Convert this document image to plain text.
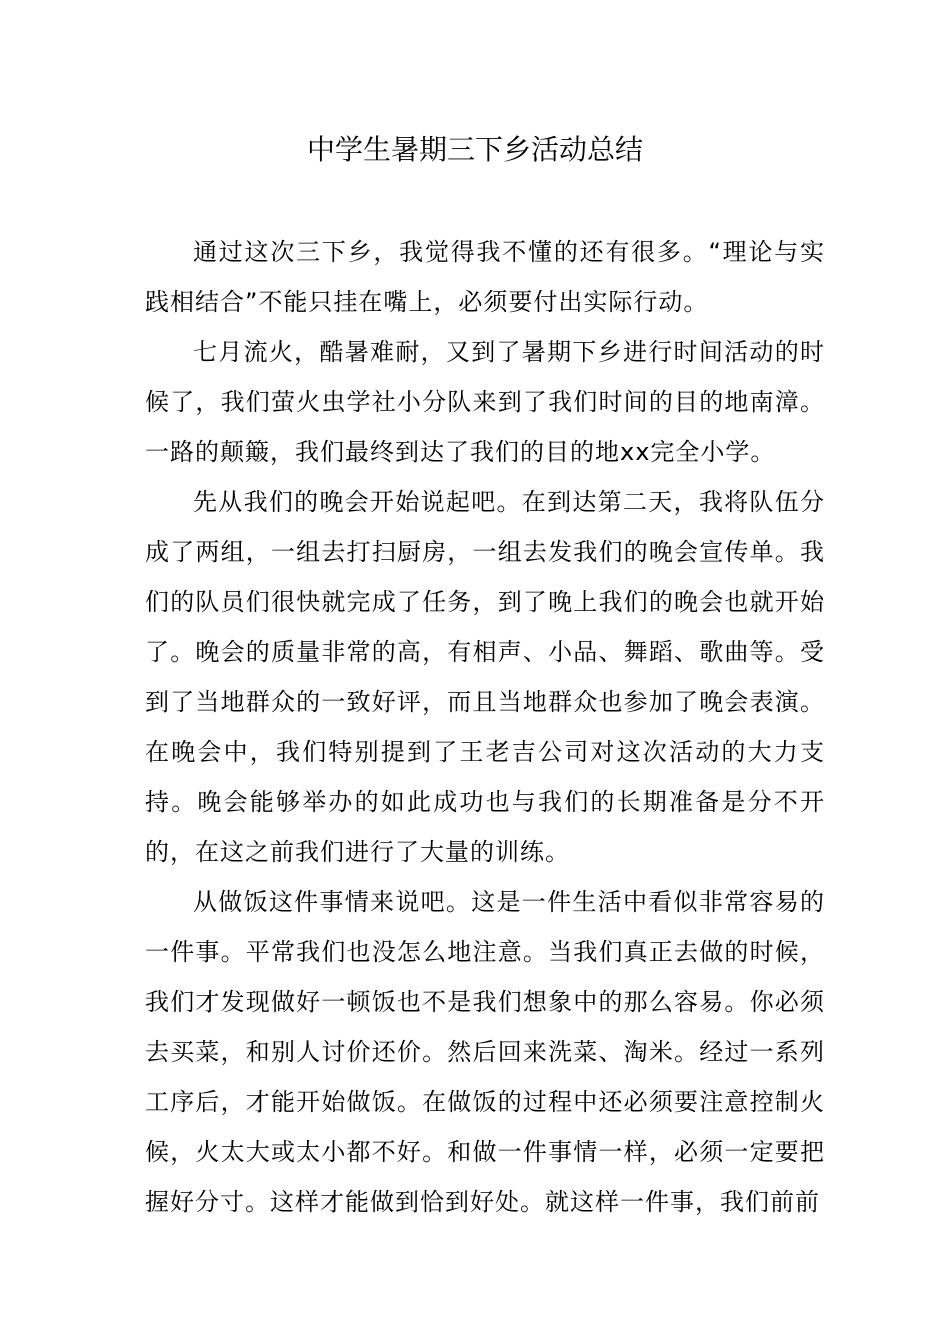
中学生暑期三下乡活动总结

通过这次三下乡，我觉得我不懂的还有很多。“理论与实践相结合”不能只挂在嘴上，必须要付出实际行动。

七月流火，酷暑难耐，又到了暑期下乡进行时间活动的时候了，我们萤火虫学社小分队来到了我们时间的目的地南漳。一路的颠簸，我们最终到达了我们的目的地xx完全小学。

先从我们的晚会开始说起吧。在到达第二天，我将队伍分成了两组，一组去打扫厨房，一组去发我们的晚会宣传单。我们的队员们很快就完成了任务，到了晚上我们的晚会也就开始了。晚会的质量非常的高，有相声、小品、舞蹈、歌曲等。受到了当地群众的一致好评，而且当地群众也参加了晚会表演。在晚会中，我们特别提到了王老吉公司对这次活动的大力支持。晚会能够举办的如此成功也与我们的长期准备是分不开的，在这之前我们进行了大量的训练。

从做饭这件事情来说吧。这是一件生活中看似非常容易的一件事。平常我们也没怎么地注意。当我们真正去做的时候，我们才发现做好一顿饭也不是我们想象中的那么容易。你必须去买菜，和别人讨价还价。然后回来洗菜、淘米。经过一系列工序后，才能开始做饭。在做饭的过程中还必须要注意控制火候，火太大或太小都不好。和做一件事情一样，必须一定要把握好分寸。这样才能做到恰到好处。就这样一件事，我们前前
